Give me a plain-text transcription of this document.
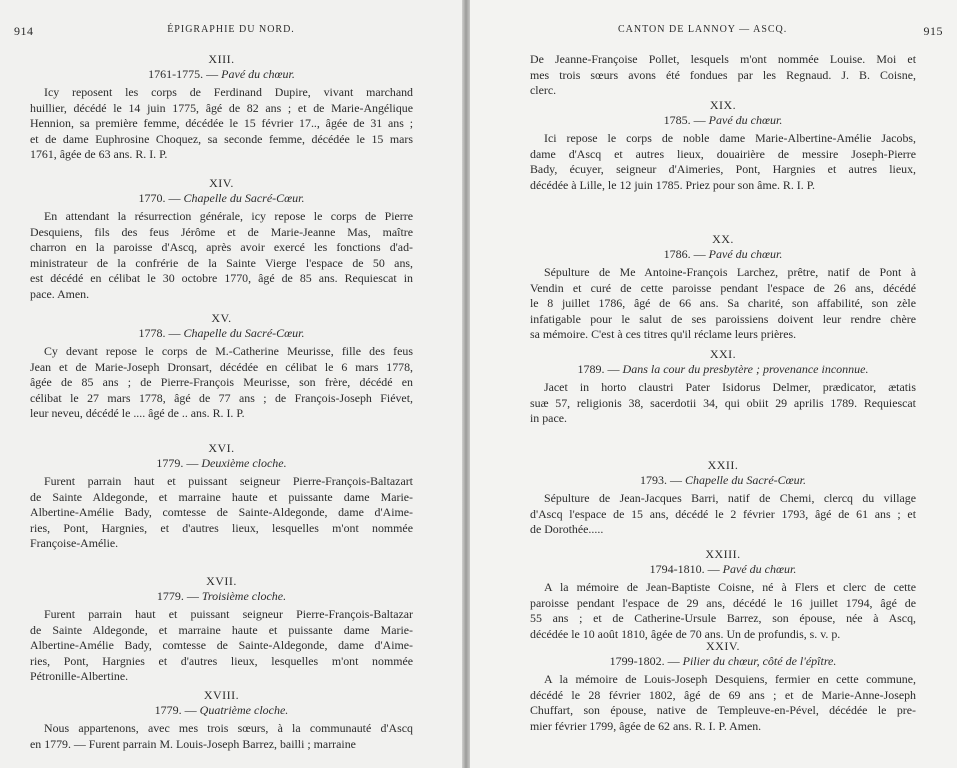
914	ÉPIGRAPHIE DU NORD.
XIII.
1761-1775. — Pavé du chœur.
Icy reposent les corps de Ferdinand Dupire, vivant marchand
huillier, décédé le 14 juin 1775, âgé de 82 ans ; et de Marie-Angélique
Hennion, sa première femme, décédée le 15 février 17.., âgée de 31 ans ;
et de dame Euphrosine Choquez, sa seconde femme, décédée le 15 mars
1761, âgée de 63 ans. R. I. P.
XIV.
1770. — Chapelle du Sacré-Cœur.
En attendant la résurrection générale, icy repose le corps de Pierre
Desquiens, fils des feus Jérôme et de Marie-Jeanne Mas, maître
charron en la paroisse d'Ascq, après avoir exercé les fonctions d'ad-
ministrateur de la confrérie de la Sainte Vierge l'espace de 50 ans,
est décédé en célibat le 30 octobre 1770, âgé de 85 ans. Requiescat in
pace. Amen.
XV.
1778. — Chapelle du Sacré-Cœur.
Cy devant repose le corps de M.-Catherine Meurisse, fille des feus
Jean et de Marie-Joseph Dronsart, décédée en célibat le 6 mars 1778,
âgée de 85 ans ; de Pierre-François Meurisse, son frère, décédé en
célibat le 27 mars 1778, âgé de 77 ans ; de François-Joseph Fiévet,
leur neveu, décédé le .... âgé de .. ans. R. I. P.
XVI.
1779. — Deuxième cloche.
Furent parrain haut et puissant seigneur Pierre-François-Baltazart
de Sainte Aldegonde, et marraine haute et puissante dame Marie-
Albertine-Amélie Bady, comtesse de Sainte-Aldegonde, dame d'Aime-
ries, Pont, Hargnies, et d'autres lieux, lesquelles m'ont nommée
Françoise-Amélie.
XVII.
1779. — Troisième cloche.
Furent parrain haut et puissant seigneur Pierre-François-Baltazar
de Sainte Aldegonde, et marraine haute et puissante dame Marie-
Albertine-Amélie Bady, comtesse de Sainte-Aldegonde, dame d'Aime-
ries, Pont, Hargnies et d'autres lieux, lesquelles m'ont nommée
Pétronille-Albertine.
XVIII.
1779. — Quatrième cloche.
Nous appartenons, avec mes trois sœurs, à la communauté d'Ascq
en 1779. — Furent parrain M. Louis-Joseph Barrez, bailli ; marraine
CANTON DE LANNOY — ASCQ.	915
De Jeanne-Françoise Pollet, lesquels m'ont nommée Louise. Moi et
mes trois sœurs avons été fondues par les Regnaud. J. B. Coisne,
clerc.
XIX.
1785. — Pavé du chœur.
Ici repose le corps de noble dame Marie-Albertine-Amélie Jacobs,
dame d'Ascq et autres lieux, douairière de messire Joseph-Pierre
Bady, écuyer, seigneur d'Aimeries, Pont, Hargnies et autres lieux,
décédée à Lille, le 12 juin 1785. Priez pour son âme. R. I. P.
XX.
1786. — Pavé du chœur.
Sépulture de Me Antoine-François Larchez, prêtre, natif de Pont à
Vendin et curé de cette paroisse pendant l'espace de 26 ans, décédé
le 8 juillet 1786, âgé de 66 ans. Sa charité, son affabilité, son zèle
infatigable pour le salut de ses paroissiens doivent leur rendre chère
sa mémoire. C'est à ces titres qu'il réclame leurs prières.
XXI.
1789. — Dans la cour du presbytère ; provenance inconnue.
Jacet in horto claustri Pater Isidorus Delmer, prædicator, ætatis
suæ 57, religionis 38, sacerdotii 34, qui obiit 29 aprilis 1789. Requiescat
in pace.
XXII.
1793. — Chapelle du Sacré-Cœur.
Sépulture de Jean-Jacques Barri, natif de Chemi, clercq du village
d'Ascq l'espace de 15 ans, décédé le 2 février 1793, âgé de 61 ans ; et
de Dorothée.....
XXIII.
1794-1810. — Pavé du chœur.
A la mémoire de Jean-Baptiste Coisne, né à Flers et clerc de cette
paroisse pendant l'espace de 29 ans, décédé le 16 juillet 1794, âgé de
55 ans ; et de Catherine-Ursule Barrez, son épouse, née à Ascq,
décédée le 10 août 1810, âgée de 70 ans. Un de profundis, s. v. p.
XXIV.
1799-1802. — Pilier du chœur, côté de l'épître.
A la mémoire de Louis-Joseph Desquiens, fermier en cette commune,
décédé le 28 février 1802, âgé de 69 ans ; et de Marie-Anne-Joseph
Chuffart, son épouse, native de Templeuve-en-Pével, décédée le pre-
mier février 1799, âgée de 62 ans. R. I. P. Amen.
